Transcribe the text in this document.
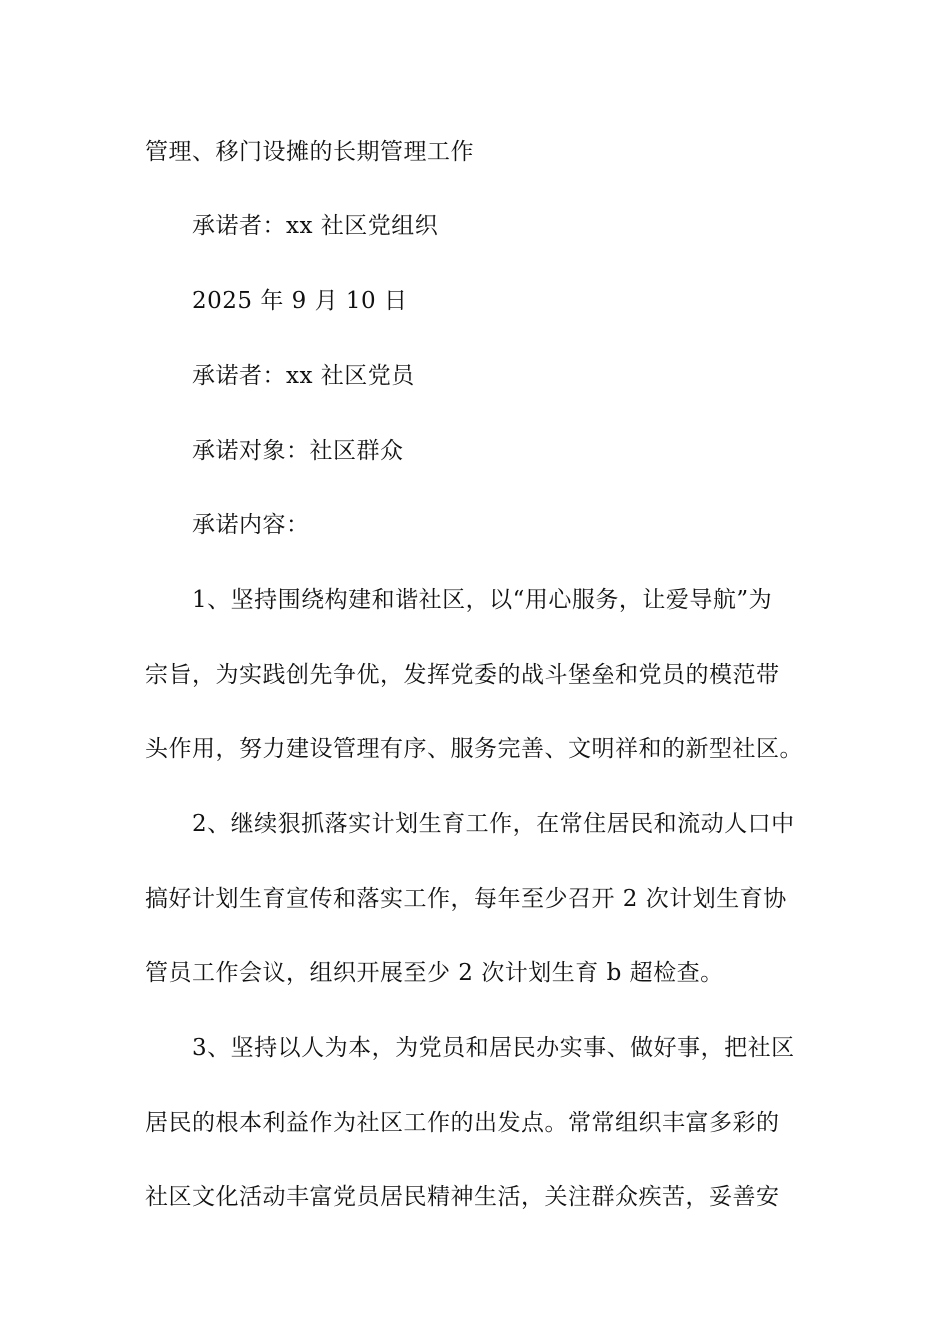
管理、移门设摊的长期管理工作

承诺者：xx 社区党组织

2025 年 9 月 10 日

承诺者：xx 社区党员

承诺对象：社区群众

承诺内容：

1、坚持围绕构建和谐社区，以“用心服务，让爱导航”为

宗旨，为实践创先争优，发挥党委的战斗堡垒和党员的模范带

头作用，努力建设管理有序、服务完善、文明祥和的新型社区。

2、继续狠抓落实计划生育工作，在常住居民和流动人口中

搞好计划生育宣传和落实工作，每年至少召开 2 次计划生育协

管员工作会议，组织开展至少 2 次计划生育 b 超检查。

3、坚持以人为本，为党员和居民办实事、做好事，把社区

居民的根本利益作为社区工作的出发点。常常组织丰富多彩的

社区文化活动丰富党员居民精神生活，关注群众疾苦，妥善安
